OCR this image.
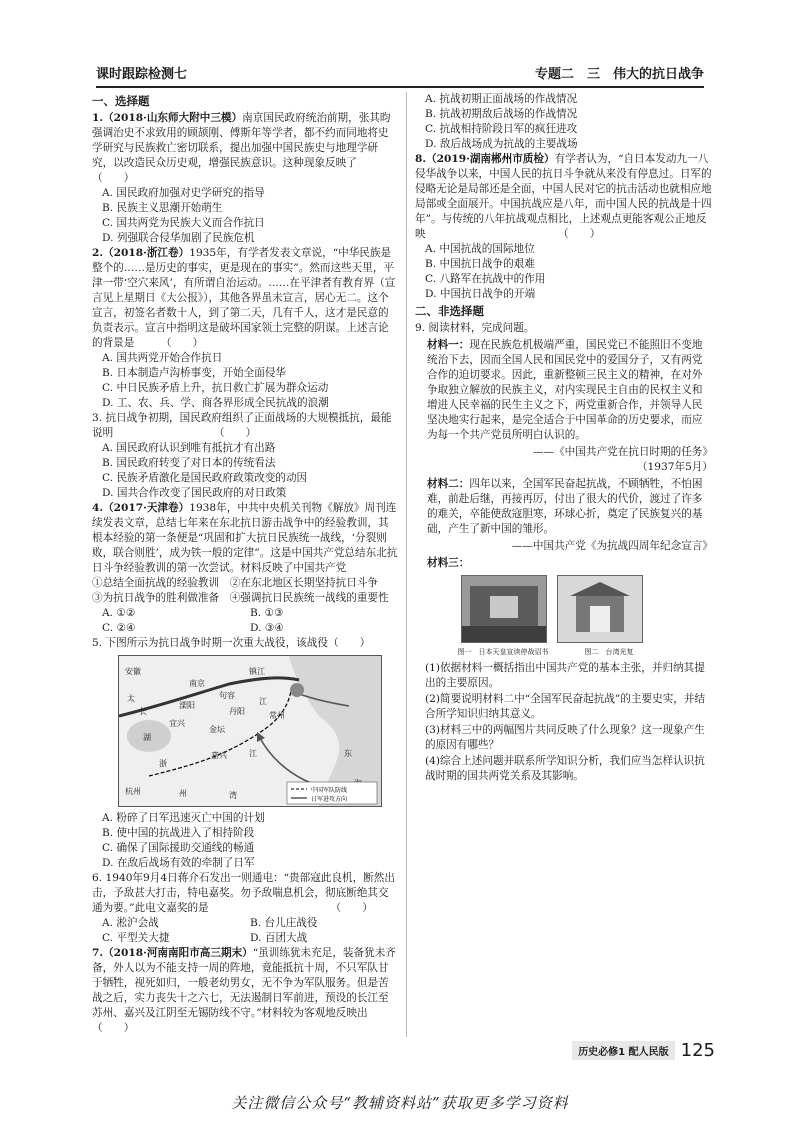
课时跟踪检测七	专题二　三　伟大的抗日战争
一、选择题

1.（2018·山东师大附中三模）南京国民政府统治前期，张其昀强调治史不求致用的顾颉刚、傅斯年等学者，都不约而同地将史学研究与民族救亡密切联系，提出加强中国民族史与地理学研究，以改造民众历史观，增强民族意识。这种现象反映了　　　（　　）

A. 国民政府加强对史学研究的指导

B. 民族主义思潮开始萌生

C. 国共两党为民族大义而合作抗日

D. 列强联合侵华加剧了民族危机

2.（2018·浙江卷）1935年，有学者发表文章说，“中华民族是整个的……是历史的事实，更是现在的事实”。然而这些天里，平津一带‘空穴来风’，有所谓自治运动。……在平津者有教育界（宣言见上星期日《大公报》），其他各界虽未宣言，居心无二。这个宣言，初签名者数十人，到了第二天，几有千人，这才是民意的负责表示。宣言中指明这是破坏国家领土完整的阴谋。上述言论的背景是　　　（　　）

A. 国共两党开始合作抗日

B. 日本制造卢沟桥事变，开始全面侵华

C. 中日民族矛盾上升，抗日救亡扩展为群众运动

D. 工、农、兵、学、商各界形成全民抗战的浪潮

3. 抗日战争初期，国民政府组织了正面战场的大规模抵抗，最能说明　　　　　　　　　　（　　）

A. 国民政府认识到唯有抵抗才有出路

B. 国民政府转变了对日本的传统看法

C. 民族矛盾激化是国民政府政策改变的动因

D. 国共合作改变了国民政府的对日政策

4.（2017·天津卷）1938年，中共中央机关刊物《解放》周刊连续发表文章，总结七年来在东北抗日游击战争中的经验教训，其根本经验的第一条便是“巩固和扩大抗日民族统一战线，‘分裂则败，联合则胜’，成为铁一般的定律”。这是中国共产党总结东北抗日斗争经验教训的第一次尝试。材料反映了中国共产党

①总结全面抗战的经验教训　②在东北地区长期坚持抗日斗争　③为抗日战争的胜利做准备　④强调抗日民族统一战线的重要性

A. ①②	B. ①③
C. ②④	D. ③④

5. 下图所示为抗日战争时期一次重大战役，该战役（　　）

太
湖
安徽
长
宜兴
溧阳
南京
句容
镇江
丹阳
江
常州
金坛
嘉兴
杭州	州	湾
东
浙
江
中国军队防线
日军进攻方向

A. 粉碎了日军迅速灭亡中国的计划

B. 使中国的抗战进入了相持阶段

C. 确保了国际援助交通线的畅通

D. 在敌后战场有效的牵制了日军

6. 1940年9月4日蒋介石发出一则通电：“贵部寇此良机，断然出击，予敌甚大打击，特电嘉奖。勿予敌喘息机会，彻底断绝其交通为要。”此电文嘉奖的是　　　　　　　　　　　　（　　）

A. 淞沪会战	B. 台儿庄战役
C. 平型关大捷	D. 百团大战

7.（2018·河南南阳市高三期末）“虽训练犹未充足，装备犹未齐备，外人以为不能支持一周的阵地，竟能抵抗十周，不只军队甘于牺牲，视死如归，一般老幼男女，无不争为军队服务。但是苦战之后，实力丧失十之六七，无法遏制日军前进，预设的长江至苏州、嘉兴及江阴至无锡防线不守。”材料较为客观地反映出　　　　　　　　　　　　（　　）

A. 抗战初期正面战场的作战情况

B. 抗战初期敌后战场的作战情况

C. 抗战相持阶段日军的疯狂进攻

D. 敌后战场成为抗战的主要战场

8.（2019·湖南郴州市质检）有学者认为，“自日本发动九一八侵华战争以来，中国人民的抗日斗争就从来没有停息过。日军的侵略无论是局部还是全面，中国人民对它的抗击活动也就相应地局部或全面展开。中国抗战应是八年，而中国人民的抗战是十四年”。与传统的八年抗战观点相比，上述观点更能客观公正地反映　　　　　　　　　　　　　（　　）

A. 中国抗战的国际地位

B. 中国抗日战争的艰难

C. 八路军在抗战中的作用

D. 中国抗日战争的开端

二、非选择题

9. 阅读材料，完成问题。

材料一：现在民族危机极端严重，国民党已不能照旧不变地统治下去，因而全国人民和国民党中的爱国分子，又有两党合作的迫切要求。因此，重新整顿三民主义的精神，在对外争取独立解放的民族主义，对内实现民主自由的民权主义和增进人民幸福的民生主义之下，两党重新合作，并领导人民坚决地实行起来，是完全适合于中国革命的历史要求，而应为每一个共产党员所明白认识的。
——《中国共产党在抗日时期的任务》
（1937年5月）
材料二：四年以来，全国军民奋起抗战，不顾牺牲，不怕困难，前赴后继，再接再厉，付出了很大的代价，渡过了许多的难关，卒能使敌寇胆寒，环球心折，奠定了民族复兴的基础，产生了新中国的雏形。
——中国共产党《为抗战四周年纪念宣言》
材料三：
图一　日本天皇宣读停战诏书	图二　台湾光复

(1)依据材料一概括指出中国共产党的基本主张，并归纳其提出的主要原因。

(2)简要说明材料二中“全国军民奋起抗战”的主要史实，并结合所学知识归纳其意义。

(3)材料三中的两幅图片共同反映了什么现象？这一现象产生的原因有哪些？

(4)综合上述问题并联系所学知识分析，我们应当怎样认识抗战时期的国共两党关系及其影响。

历史必修1 配人民版 125
关注微信公众号“教辅资料站”获取更多学习资料
